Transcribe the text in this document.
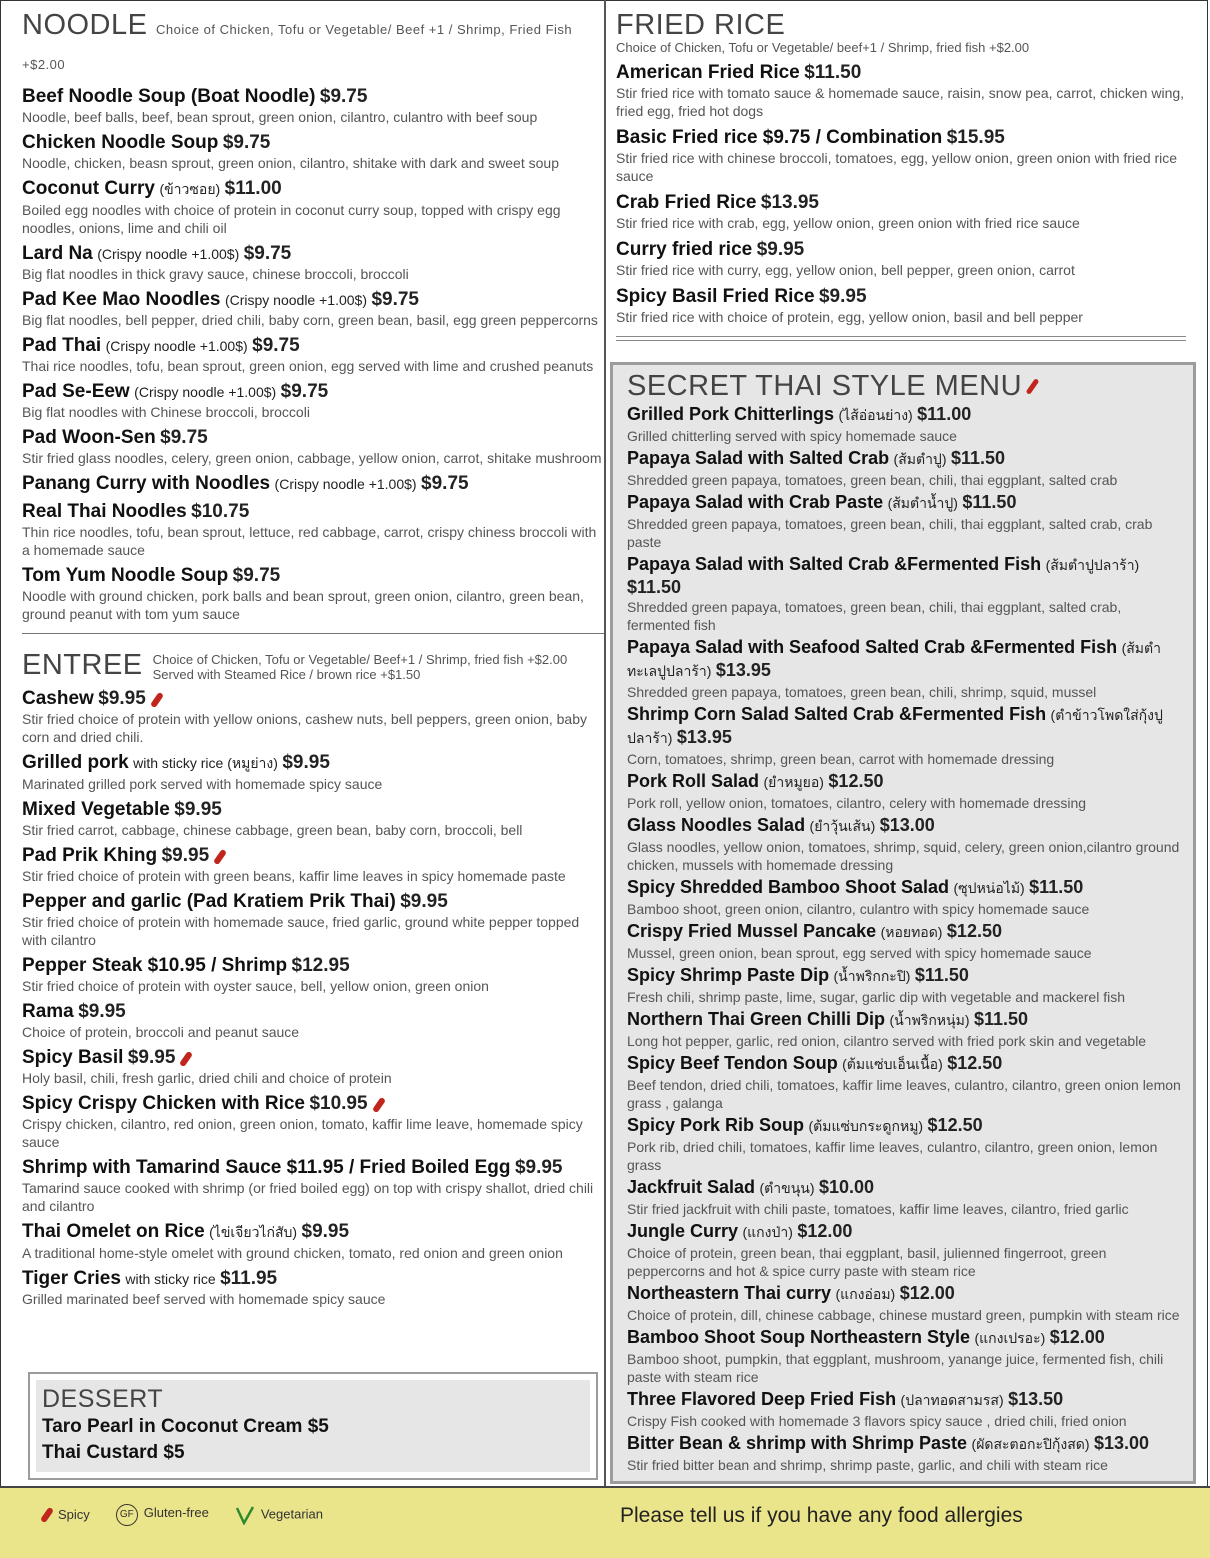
NOODLE Choice of Chicken, Tofu or Vegetable/ Beef +1 / Shrimp, Fried Fish +$2.00
Beef Noodle Soup (Boat Noodle) $9.75
Noodle, beef balls, beef, bean sprout, green onion, cilantro, culantro with beef soup
Chicken Noodle Soup $9.75
Noodle, chicken, beasn sprout, green onion, cilantro, shitake with dark and sweet soup
Coconut Curry (ข้าวซอย) $11.00
Boiled egg noodles with choice of protein in coconut curry soup, topped with crispy egg noodles, onions, lime and chili oil
Lard Na (Crispy noodle +1.00$) $9.75
Big flat noodles in thick gravy sauce, chinese broccoli, broccoli
Pad Kee Mao Noodles (Crispy noodle +1.00$) $9.75
Big flat noodles, bell pepper, dried chili, baby corn, green bean, basil, egg green peppercorns
Pad Thai (Crispy noodle +1.00$) $9.75
Thai rice noodles, tofu, bean sprout, green onion, egg served with lime and crushed peanuts
Pad Se-Eew (Crispy noodle +1.00$) $9.75
Big flat noodles with Chinese broccoli, broccoli
Pad Woon-Sen $9.75
Stir fried glass noodles, celery, green onion, cabbage, yellow onion, carrot, shitake mushroom
Panang Curry with Noodles (Crispy noodle +1.00$) $9.75
Real Thai Noodles $10.75
Thin rice noodles, tofu, bean sprout, lettuce, red cabbage, carrot, crispy chiness broccoli with a homemade sauce
Tom Yum Noodle Soup $9.75
Noodle with ground chicken, pork balls and bean sprout, green onion, cilantro, green bean, ground peanut with tom yum sauce
ENTREE Choice of Chicken, Tofu or Vegetable/ Beef+1 / Shrimp, fried fish +$2.00
Served with Steamed Rice / brown rice +$1.50
Cashew $9.95
Stir fried choice of protein with yellow onions, cashew nuts, bell peppers, green onion, baby corn and dried chili.
Grilled pork with sticky rice (หมูย่าง) $9.95
Marinated grilled pork served with homemade spicy sauce
Mixed Vegetable $9.95
Stir fried carrot, cabbage, chinese cabbage, green bean, baby corn, broccoli, bell
Pad Prik Khing $9.95
Stir fried choice of protein with green beans, kaffir lime leaves in spicy homemade paste
Pepper and garlic (Pad Kratiem Prik Thai) $9.95
Stir fried choice of protein with homemade sauce, fried garlic, ground white pepper topped with cilantro
Pepper Steak $10.95 / Shrimp $12.95
Stir fried choice of protein with oyster sauce, bell, yellow onion, green onion
Rama $9.95
Choice of protein, broccoli and peanut sauce
Spicy Basil $9.95
Holy basil, chili, fresh garlic, dried chili and choice of protein
Spicy Crispy Chicken with Rice $10.95
Crispy chicken, cilantro, red onion, green onion, tomato, kaffir lime leave, homemade spicy sauce
Shrimp with Tamarind Sauce $11.95 / Fried Boiled Egg $9.95
Tamarind sauce cooked with shrimp (or fried boiled egg) on top with crispy shallot, dried chili and cilantro
Thai Omelet on Rice (ไข่เจียวไก่สับ) $9.95
A traditional home-style omelet with ground chicken, tomato, red onion and green onion
Tiger Cries with sticky rice $11.95
Grilled marinated beef served with homemade spicy sauce
DESSERT
Taro Pearl in Coconut Cream $5
Thai Custard $5
FRIED RICE
Choice of Chicken, Tofu or Vegetable/ beef+1 / Shrimp, fried fish +$2.00
American Fried Rice $11.50
Stir fried rice with tomato sauce & homemade sauce, raisin, snow pea, carrot, chicken wing, fried egg, fried hot dogs
Basic Fried rice $9.75 / Combination $15.95
Stir fried rice with chinese broccoli, tomatoes, egg, yellow onion, green onion with fried rice sauce
Crab Fried Rice $13.95
Stir fried rice with crab, egg, yellow onion, green onion with fried rice sauce
Curry fried rice $9.95
Stir fried rice with curry, egg, yellow onion, bell pepper, green onion, carrot
Spicy Basil Fried Rice $9.95
Stir fried rice with choice of protein, egg, yellow onion, basil and bell pepper
SECRET THAI STYLE MENU
Grilled Pork Chitterlings (ไส้อ่อนย่าง) $11.00
Grilled chitterling served with spicy homemade sauce
Papaya Salad with Salted Crab (ส้มตำปู) $11.50
Shredded green papaya, tomatoes, green bean, chili, thai eggplant, salted crab
Papaya Salad with Crab Paste (ส้มตำน้ำปู) $11.50
Shredded green papaya, tomatoes, green bean, chili, thai eggplant, salted crab, crab paste
Papaya Salad with Salted Crab &Fermented Fish (ส้มตำปูปลาร้า) $11.50
Shredded green papaya, tomatoes, green bean, chili, thai eggplant, salted crab, fermented fish
Papaya Salad with Seafood Salted Crab &Fermented Fish (ส้มตำทะเลปูปลาร้า) $13.95
Shredded green papaya, tomatoes, green bean, chili, shrimp, squid, mussel
Shrimp Corn Salad Salted Crab &Fermented Fish (ตำข้าวโพดใส่กุ้งปูปลาร้า) $13.95
Corn, tomatoes, shrimp, green bean, carrot with homemade dressing
Pork Roll Salad (ยำหมูยอ) $12.50
Pork roll, yellow onion, tomatoes, cilantro, celery with homemade dressing
Glass Noodles Salad (ยำวุ้นเส้น) $13.00
Glass noodles, yellow onion, tomatoes, shrimp, squid, celery, green onion,cilantro ground chicken, mussels with homemade dressing
Spicy Shredded Bamboo Shoot Salad (ซุปหน่อไม้) $11.50
Bamboo shoot, green onion, cilantro, culantro with spicy homemade sauce
Crispy Fried Mussel Pancake (หอยทอด) $12.50
Mussel, green onion, bean sprout, egg served with spicy homemade sauce
Spicy Shrimp Paste Dip (น้ำพริกกะปิ) $11.50
Fresh chili, shrimp paste, lime, sugar, garlic dip with vegetable and mackerel fish
Northern Thai Green Chilli Dip (น้ำพริกหนุ่ม) $11.50
Long hot pepper, garlic, red onion, cilantro served with fried pork skin and vegetable
Spicy Beef Tendon Soup (ต้มแซ่บเอ็นเนื้อ) $12.50
Beef tendon, dried chili, tomatoes, kaffir lime leaves, culantro, cilantro, green onion lemon grass , galanga
Spicy Pork Rib Soup (ต้มแซ่บกระดูกหมู) $12.50
Pork rib, dried chili, tomatoes, kaffir lime leaves, culantro, cilantro, green onion, lemon grass
Jackfruit Salad (ตำขนุน) $10.00
Stir fried jackfruit with chili paste, tomatoes, kaffir lime leaves, cilantro, fried garlic
Jungle Curry (แกงป่า) $12.00
Choice of protein, green bean, thai eggplant, basil, julienned fingerroot, green peppercorns and hot & spice curry paste with steam rice
Northeastern Thai curry (แกงอ่อม) $12.00
Choice of protein, dill, chinese cabbage, chinese mustard green, pumpkin with steam rice
Bamboo Shoot Soup Northeastern Style (แกงเปรอะ) $12.00
Bamboo shoot, pumpkin, that eggplant, mushroom, yanange juice, fermented fish, chili paste with steam rice
Three Flavored Deep Fried Fish (ปลาทอดสามรส) $13.50
Crispy Fish cooked with homemade 3 flavors spicy sauce , dried chili, fried onion
Bitter Bean & shrimp with Shrimp Paste (ผัดสะตอกะปิกุ้งสด) $13.00
Stir fried bitter bean and shrimp, shrimp paste, garlic, and chili with steam rice
Spicy	GF Gluten-free	Vegetarian	Please tell us if you have any food allergies
